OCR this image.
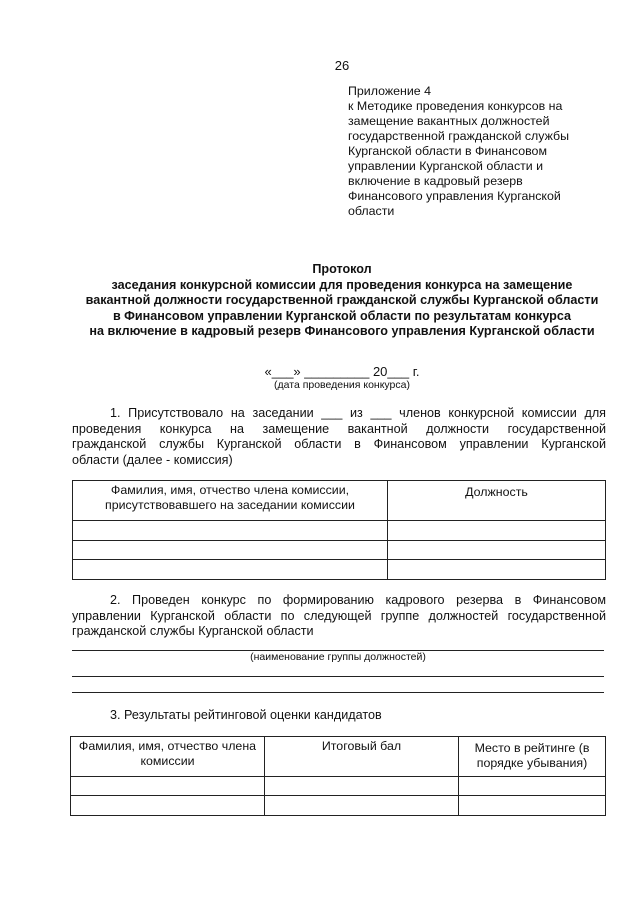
26
Приложение 4
к Методике проведения конкурсов на
замещение вакантных должностей
государственной гражданской службы
Курганской области в Финансовом
управлении Курганской области и
включение в кадровый резерв
Финансового управления Курганской
области
Протокол
заседания конкурсной комиссии для проведения конкурса на замещение
вакантной должности государственной гражданской службы Курганской области
в Финансовом управлении Курганской области по результатам конкурса
на включение в кадровый резерв Финансового управления Курганской области
«___» _________ 20___ г.
(дата проведения конкурса)
1. Присутствовало на заседании ___ из ___ членов конкурсной комиссии для
проведения конкурса на замещение вакантной должности государственной
гражданской службы Курганской области в Финансовом управлении Курганской
области (далее - комиссия)
Фамилия, имя, отчество члена комиссии, присутствовавшего на заседании комиссии	Должность

2. Проведен конкурс по формированию кадрового резерва в Финансовом
управлении Курганской области по следующей группе должностей государственной
гражданской службы Курганской области
(наименование группы должностей)
3. Результаты рейтинговой оценки кандидатов
Фамилия, имя, отчество члена комиссии	Итоговый бал	Место в рейтинге (в порядке убывания)
